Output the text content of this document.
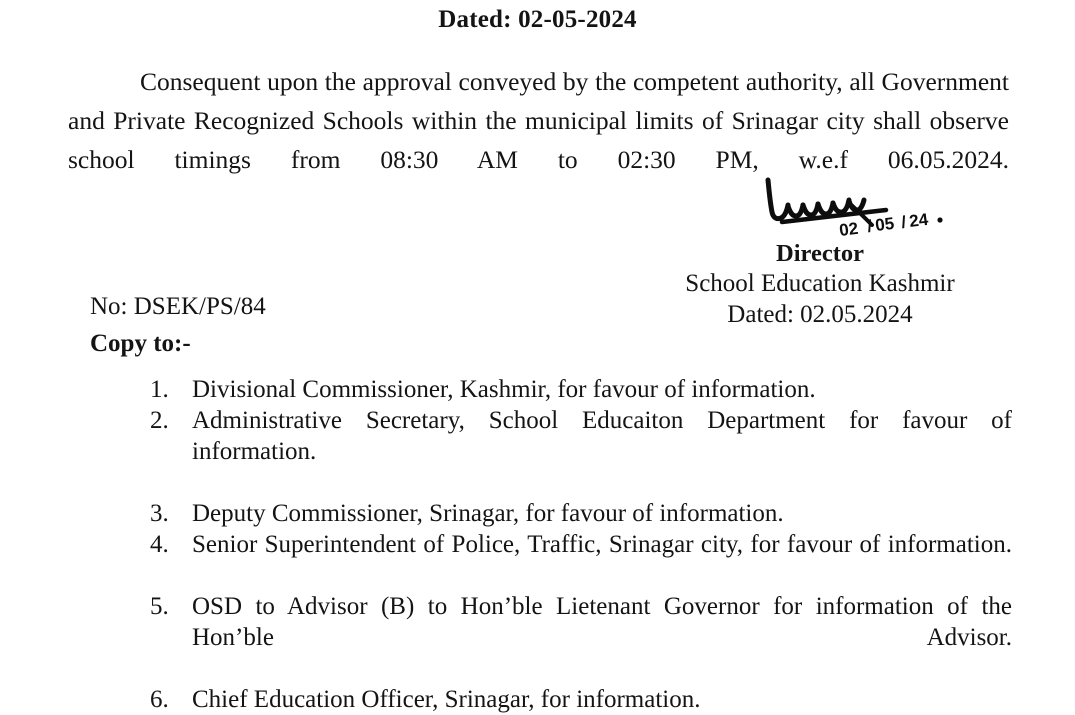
Dated: 02-05-2024
Consequent upon the approval conveyed by the competent authority, all Government and Private Recognized Schools within the municipal limits of Srinagar city shall observe school timings from 08:30 AM to 02:30 PM, w.e.f 06.05.2024.
02 / 05 / 24
Director
School Education Kashmir
Dated: 02.05.2024
No: DSEK/PS/84
Copy to:-
1. Divisional Commissioner, Kashmir, for favour of information.
2. Administrative Secretary, School Educaiton Department for favour of information.
3. Deputy Commissioner, Srinagar, for favour of information.
4. Senior Superintendent of Police, Traffic, Srinagar city, for favour of information.
5. OSD to Advisor (B) to Hon’ble Lietenant Governor for information of the Hon’ble Advisor.
6. Chief Education Officer, Srinagar, for information.
